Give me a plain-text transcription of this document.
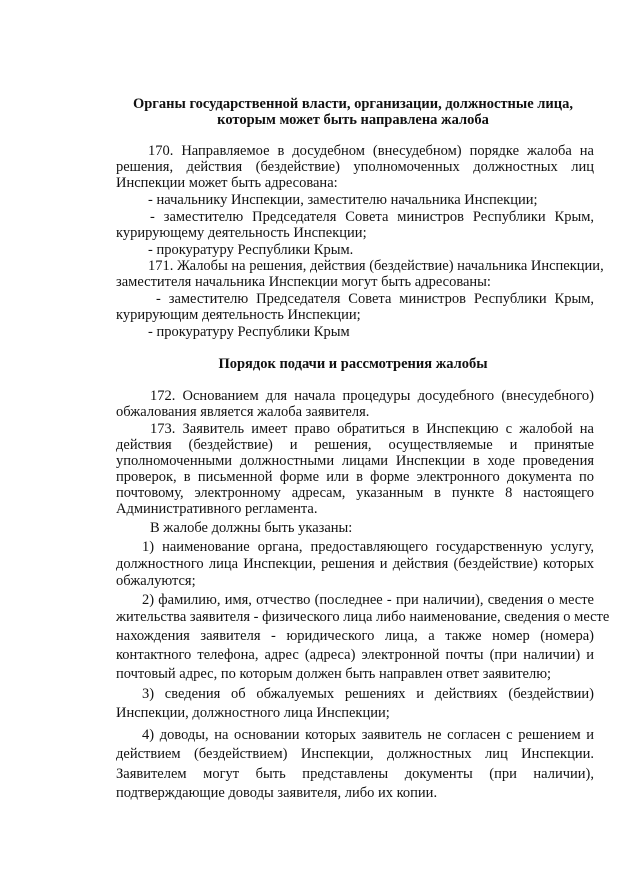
Органы государственной власти, организации, должностные лица,
которым может быть направлена жалоба
170. Направляемое в досудебном (внесудебном) порядке жалоба на
решения, действия (бездействие) уполномоченных должностных лиц
Инспекции может быть адресована:
- начальнику Инспекции, заместителю начальника Инспекции;
- заместителю Председателя Совета министров Республики Крым,
курирующему деятельность Инспекции;
- прокуратуру Республики Крым.
171. Жалобы на решения, действия (бездействие) начальника Инспекции,
заместителя начальника Инспекции могут быть адресованы:
- заместителю Председателя Совета министров Республики Крым,
курирующим деятельность Инспекции;
- прокуратуру Республики Крым
Порядок подачи и рассмотрения жалобы
172. Основанием для начала процедуры досудебного (внесудебного)
обжалования является жалоба заявителя.
173. Заявитель имеет право обратиться в Инспекцию с жалобой на
действия (бездействие) и решения, осуществляемые и принятые
уполномоченными должностными лицами Инспекции в ходе проведения
проверок, в письменной форме или в форме электронного документа по
почтовому, электронному адресам, указанным в пункте 8 настоящего
Административного регламента.
В жалобе должны быть указаны:
1) наименование органа, предоставляющего государственную услугу,
должностного лица Инспекции, решения и действия (бездействие) которых
обжалуются;
2) фамилию, имя, отчество (последнее - при наличии), сведения о месте
жительства заявителя - физического лица либо наименование, сведения о месте
нахождения заявителя - юридического лица, а также номер (номера)
контактного телефона, адрес (адреса) электронной почты (при наличии) и
почтовый адрес, по которым должен быть направлен ответ заявителю;
3) сведения об обжалуемых решениях и действиях (бездействии)
Инспекции, должностного лица Инспекции;
4) доводы, на основании которых заявитель не согласен с решением и
действием (бездействием) Инспекции, должностных лиц Инспекции.
Заявителем могут быть представлены документы (при наличии),
подтверждающие доводы заявителя, либо их копии.
